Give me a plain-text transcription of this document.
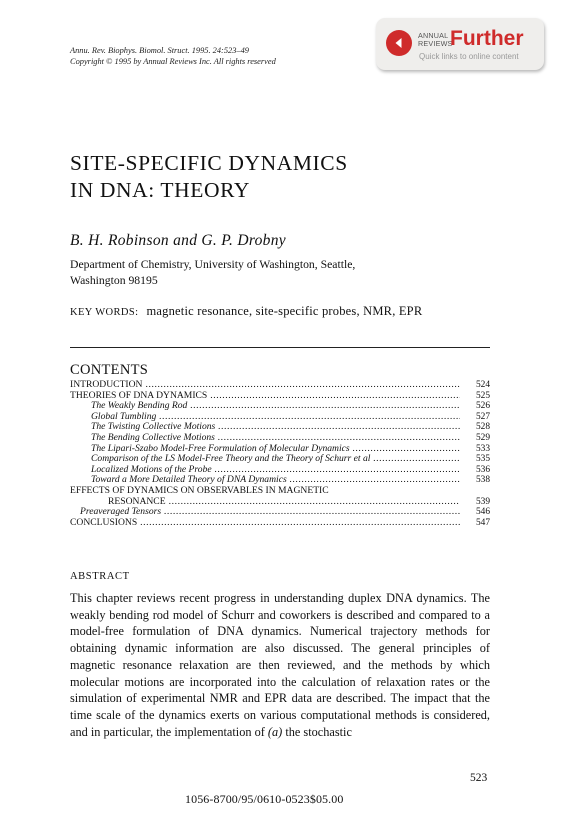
Annu. Rev. Biophys. Biomol. Struct. 1995. 24:523–49
Copyright © 1995 by Annual Reviews Inc. All rights reserved
ANNUAL
REVIEWS
Further
Quick links to online content
SITE-SPECIFIC DYNAMICS
IN DNA: THEORY
B. H. Robinson and G. P. Drobny
Department of Chemistry, University of Washington, Seattle,
Washington 98195
KEY WORDS: magnetic resonance, site-specific probes, NMR, EPR
CONTENTS
INTRODUCTION .....	524
THEORIES OF DNA DYNAMICS .....	525
The Weakly Bending Rod .....	526
Global Tumbling .....	527
The Twisting Collective Motions .....	528
The Bending Collective Motions .....	529
The Lipari-Szabo Model-Free Formulation of Molecular Dynamics .....	533
Comparison of the LS Model-Free Theory and the Theory of Schurr et al .....	535
Localized Motions of the Probe .....	536
Toward a More Detailed Theory of DNA Dynamics .....	538
EFFECTS OF DYNAMICS ON OBSERVABLES IN MAGNETIC
RESONANCE .....	539
Preaveraged Tensors .....	546
CONCLUSIONS .....	547
ABSTRACT
This chapter reviews recent progress in understanding duplex DNA dynamics. The weakly bending rod model of Schurr and coworkers is described and compared to a model-free formulation of DNA dynamics. Numerical trajectory methods for obtaining dynamic information are also discussed. The general principles of magnetic resonance relaxation are then reviewed, and the methods by which molecular motions are incorporated into the calculation of relaxation rates or the simulation of experimental NMR and EPR data are described. The impact that the time scale of the dynamics exerts on various computational methods is considered, and in particular, the implementation of (a) the stochastic
523
1056-8700/95/0610-0523$05.00
